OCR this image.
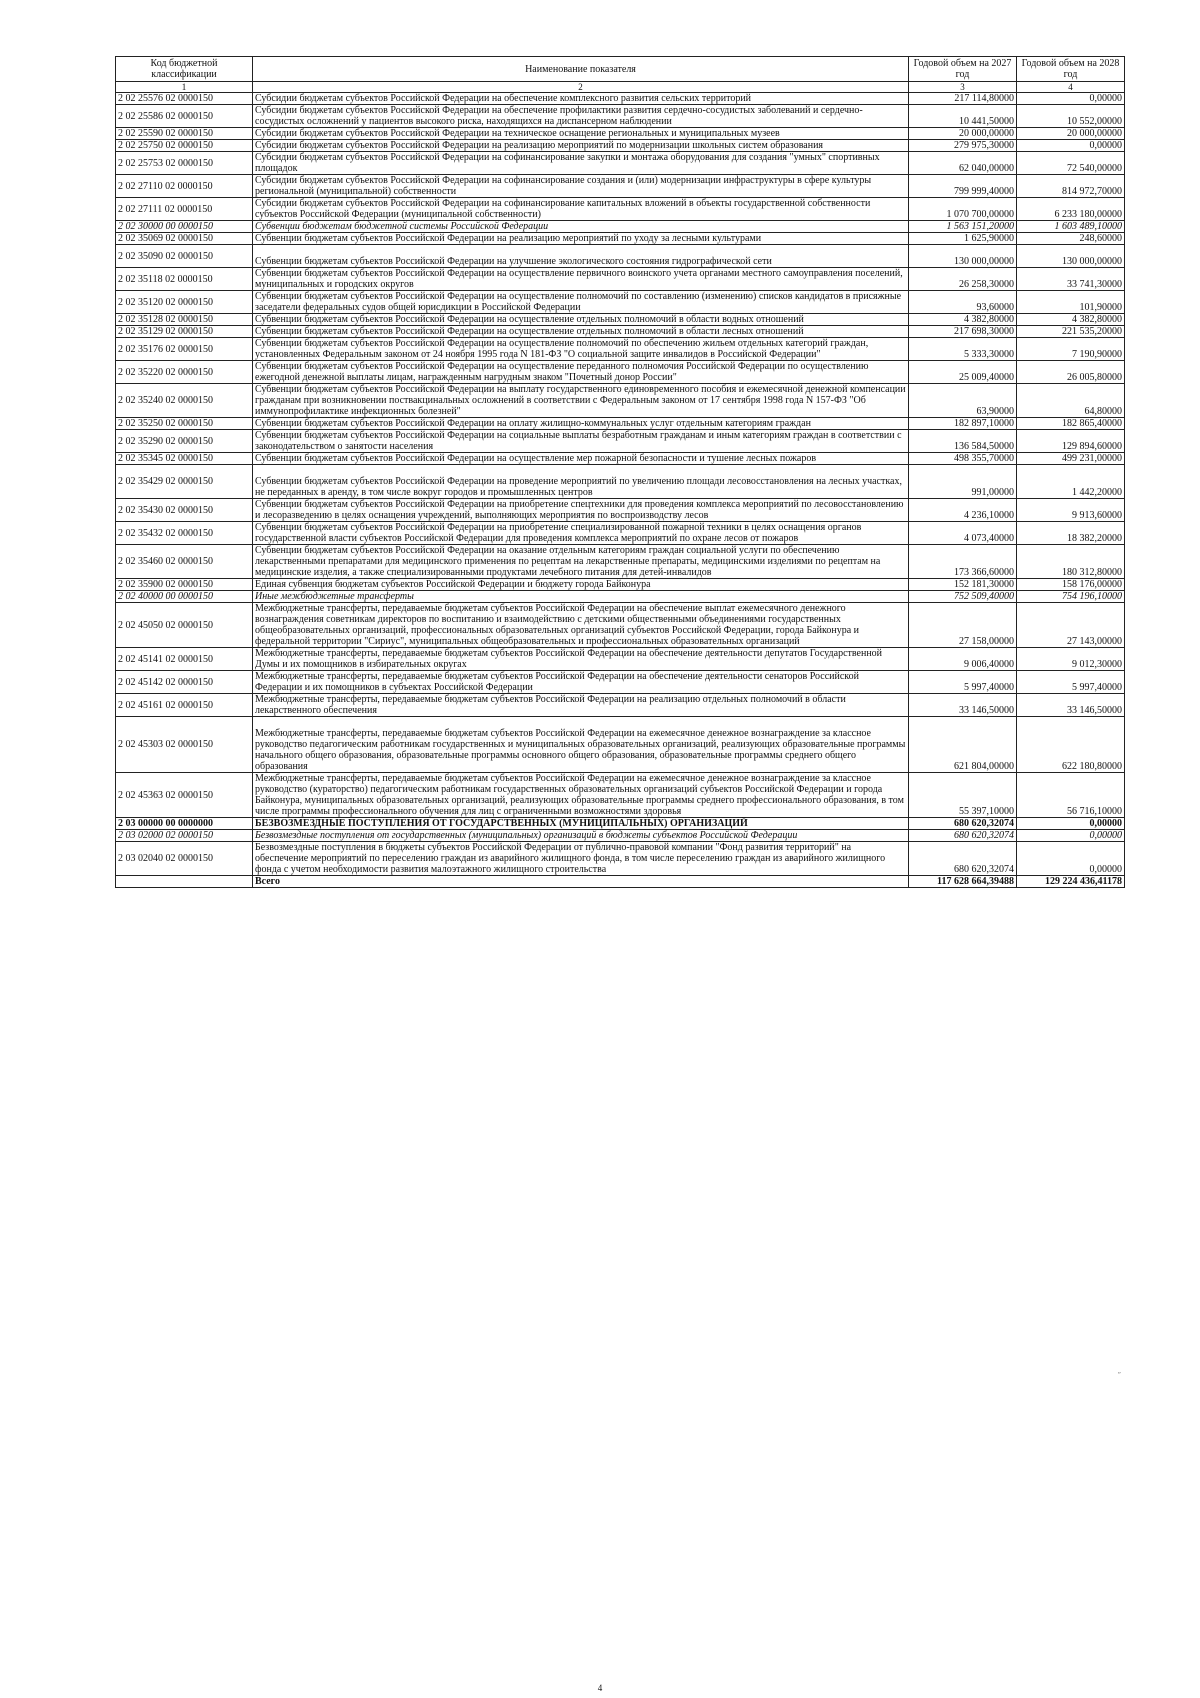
Код бюджетной классификации	Наименование показателя	Годовой объем на 2027 год	Годовой объем на 2028 год
1	2	3	4
2 02 25576 02 0000150	Субсидии бюджетам субъектов Российской Федерации на обеспечение комплексного развития сельских территорий	217 114,80000	0,00000
2 02 25586 02 0000150	Субсидии бюджетам субъектов Российской Федерации на обеспечение профилактики развития сердечно-сосудистых заболеваний и сердечно-сосудистых осложнений у пациентов высокого риска, находящихся на диспансерном наблюдении	10 441,50000	10 552,00000
2 02 25590 02 0000150	Субсидии бюджетам субъектов Российской Федерации на техническое оснащение региональных и муниципальных музеев	20 000,00000	20 000,00000
2 02 25750 02 0000150	Субсидии бюджетам субъектов Российской Федерации на реализацию мероприятий по модернизации школьных систем образования	279 975,30000	0,00000
2 02 25753 02 0000150	Субсидии бюджетам субъектов Российской Федерации на софинансирование закупки и монтажа оборудования для создания "умных" спортивных площадок	62 040,00000	72 540,00000
2 02 27110 02 0000150	Субсидии бюджетам субъектов Российской Федерации на софинансирование создания и (или) модернизации инфраструктуры в сфере культуры региональной (муниципальной) собственности	799 999,40000	814 972,70000
2 02 27111 02 0000150	Субсидии бюджетам субъектов Российской Федерации на софинансирование капитальных вложений в объекты государственной собственности субъектов Российской Федерации (муниципальной собственности)	1 070 700,00000	6 233 180,00000
2 02 30000 00 0000150	Субвенции бюджетам бюджетной системы Российской Федерации	1 563 151,20000	1 603 489,10000
2 02 35069 02 0000150	Субвенции бюджетам субъектов Российской Федерации на реализацию мероприятий по уходу за лесными культурами	1 625,90000	248,60000
2 02 35090 02 0000150	Субвенции бюджетам субъектов Российской Федерации на улучшение экологического состояния гидрографической сети	130 000,00000	130 000,00000
2 02 35118 02 0000150	Субвенции бюджетам субъектов Российской Федерации на осуществление первичного воинского учета органами местного самоуправления поселений, муниципальных и городских округов	26 258,30000	33 741,30000
2 02 35120 02 0000150	Субвенции бюджетам субъектов Российской Федерации на осуществление полномочий по составлению (изменению) списков кандидатов в присяжные заседатели федеральных судов общей юрисдикции в Российской Федерации	93,60000	101,90000
2 02 35128 02 0000150	Субвенции бюджетам субъектов Российской Федерации на осуществление отдельных полномочий в области водных отношений	4 382,80000	4 382,80000
2 02 35129 02 0000150	Субвенции бюджетам субъектов Российской Федерации на осуществление отдельных полномочий в области лесных отношений	217 698,30000	221 535,20000
2 02 35176 02 0000150	Субвенции бюджетам субъектов Российской Федерации на осуществление полномочий по обеспечению жильем отдельных категорий граждан, установленных Федеральным законом от 24 ноября 1995 года N 181-ФЗ "О социальной защите инвалидов в Российской Федерации"	5 333,30000	7 190,90000
2 02 35220 02 0000150	Субвенции бюджетам субъектов Российской Федерации на осуществление переданного полномочия Российской Федерации по осуществлению ежегодной денежной выплаты лицам, награжденным нагрудным знаком "Почетный донор России"	25 009,40000	26 005,80000
2 02 35240 02 0000150	Субвенции бюджетам субъектов Российской Федерации на выплату государственного единовременного пособия и ежемесячной денежной компенсации гражданам при возникновении поствакцинальных осложнений в соответствии с Федеральным законом от 17 сентября 1998 года N 157-ФЗ "Об иммунопрофилактике инфекционных болезней"	63,90000	64,80000
2 02 35250 02 0000150	Субвенции бюджетам субъектов Российской Федерации на оплату жилищно-коммунальных услуг отдельным категориям граждан	182 897,10000	182 865,40000
2 02 35290 02 0000150	Субвенции бюджетам субъектов Российской Федерации на социальные выплаты безработным гражданам и иным категориям граждан в соответствии с законодательством о занятости населения	136 584,50000	129 894,60000
2 02 35345 02 0000150	Субвенции бюджетам субъектов Российской Федерации на осуществление мер пожарной безопасности и тушение лесных пожаров	498 355,70000	499 231,00000
2 02 35429 02 0000150	Субвенции бюджетам субъектов Российской Федерации на проведение мероприятий по увеличению площади лесовосстановления на лесных участках, не переданных в аренду, в том числе вокруг городов и промышленных центров	991,00000	1 442,20000
2 02 35430 02 0000150	Субвенции бюджетам субъектов Российской Федерации на приобретение спецтехники для проведения комплекса мероприятий по лесовосстановлению и лесоразведению в целях оснащения учреждений, выполняющих мероприятия по воспроизводству лесов	4 236,10000	9 913,60000
2 02 35432 02 0000150	Субвенции бюджетам субъектов Российской Федерации на приобретение специализированной пожарной техники в целях оснащения органов государственной власти субъектов Российской Федерации для проведения комплекса мероприятий по охране лесов от пожаров	4 073,40000	18 382,20000
2 02 35460 02 0000150	Субвенции бюджетам субъектов Российской Федерации на оказание отдельным категориям граждан социальной услуги по обеспечению лекарственными препаратами для медицинского применения по рецептам на лекарственные препараты, медицинскими изделиями по рецептам на медицинские изделия, а также специализированными продуктами лечебного питания для детей-инвалидов	173 366,60000	180 312,80000
2 02 35900 02 0000150	Единая субвенция бюджетам субъектов Российской Федерации и бюджету города Байконура	152 181,30000	158 176,00000
2 02 40000 00 0000150	Иные межбюджетные трансферты	752 509,40000	754 196,10000
2 02 45050 02 0000150	Межбюджетные трансферты, передаваемые бюджетам субъектов Российской Федерации на обеспечение выплат ежемесячного денежного вознаграждения советникам директоров по воспитанию и взаимодействию с детскими общественными объединениями государственных общеобразовательных организаций, профессиональных образовательных организаций субъектов Российской Федерации, города Байконура и федеральной территории "Сириус", муниципальных общеобразовательных и профессиональных образовательных организаций	27 158,00000	27 143,00000
2 02 45141 02 0000150	Межбюджетные трансферты, передаваемые бюджетам субъектов Российской Федерации на обеспечение деятельности депутатов Государственной Думы и их помощников в избирательных округах	9 006,40000	9 012,30000
2 02 45142 02 0000150	Межбюджетные трансферты, передаваемые бюджетам субъектов Российской Федерации на обеспечение деятельности сенаторов Российской Федерации и их помощников в субъектах Российской Федерации	5 997,40000	5 997,40000
2 02 45161 02 0000150	Межбюджетные трансферты, передаваемые бюджетам субъектов Российской Федерации на реализацию отдельных полномочий в области лекарственного обеспечения	33 146,50000	33 146,50000
2 02 45303 02 0000150	Межбюджетные трансферты, передаваемые бюджетам субъектов Российской Федерации на ежемесячное денежное вознаграждение за классное руководство педагогическим работникам государственных и муниципальных образовательных организаций, реализующих образовательные программы начального общего образования, образовательные программы основного общего образования, образовательные программы среднего общего образования	621 804,00000	622 180,80000
2 02 45363 02 0000150	Межбюджетные трансферты, передаваемые бюджетам субъектов Российской Федерации на ежемесячное денежное вознаграждение за классное руководство (кураторство) педагогическим работникам государственных образовательных организаций субъектов Российской Федерации и города Байконура, муниципальных образовательных организаций, реализующих образовательные программы среднего профессионального образования, в том числе программы профессионального обучения для лиц с ограниченными возможностями здоровья	55 397,10000	56 716,10000
2 03 00000 00 0000000	БЕЗВОЗМЕЗДНЫЕ ПОСТУПЛЕНИЯ ОТ ГОСУДАРСТВЕННЫХ (МУНИЦИПАЛЬНЫХ) ОРГАНИЗАЦИЙ	680 620,32074	0,00000
2 03 02000 02 0000150	Безвозмездные поступления от государственных (муниципальных) организаций в бюджеты субъектов Российской Федерации	680 620,32074	0,00000
2 03 02040 02 0000150	Безвозмездные поступления в бюджеты субъектов Российской Федерации от публично-правовой компании "Фонд развития территорий" на обеспечение мероприятий по переселению граждан из аварийного жилищного фонда, в том числе переселению граждан из аварийного жилищного фонда с учетом необходимости развития малоэтажного жилищного строительства	680 620,32074	0,00000
	Всего	117 628 664,39488	129 224 436,41178
″
4
